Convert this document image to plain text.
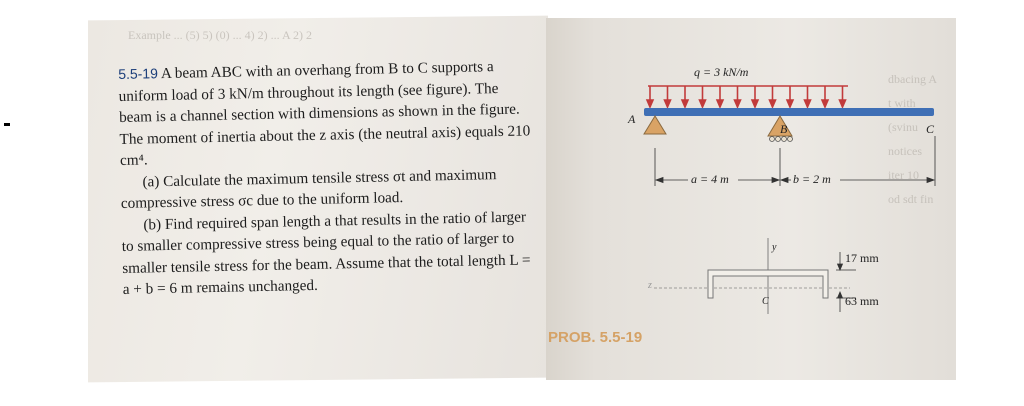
Example ... (5) 5) (0) ... 4) 2) ... A 2) 2

5.5-19 A beam ABC with an overhang from B to C supports a uniform load of 3 kN/m throughout its length (see figure). The beam is a channel section with dimensions as shown in the figure. The moment of inertia about the z axis (the neutral axis) equals 210 cm⁴.

(a) Calculate the maximum tensile stress σt and maximum compressive stress σc due to the uniform load.

(b) Find required span length a that results in the ratio of larger to smaller compressive stress being equal to the ratio of larger to smaller tensile stress for the beam. Assume that the total length L = a + b = 6 m remains unchanged.

PROB. 5.5-19
q = 3 kN/m
A
B	C
a = 4 m	b = 2 m
y
z
C
17 mm
63 mm
dbacing A
t with
(svinu
notices
iter 10
od sdt fin
